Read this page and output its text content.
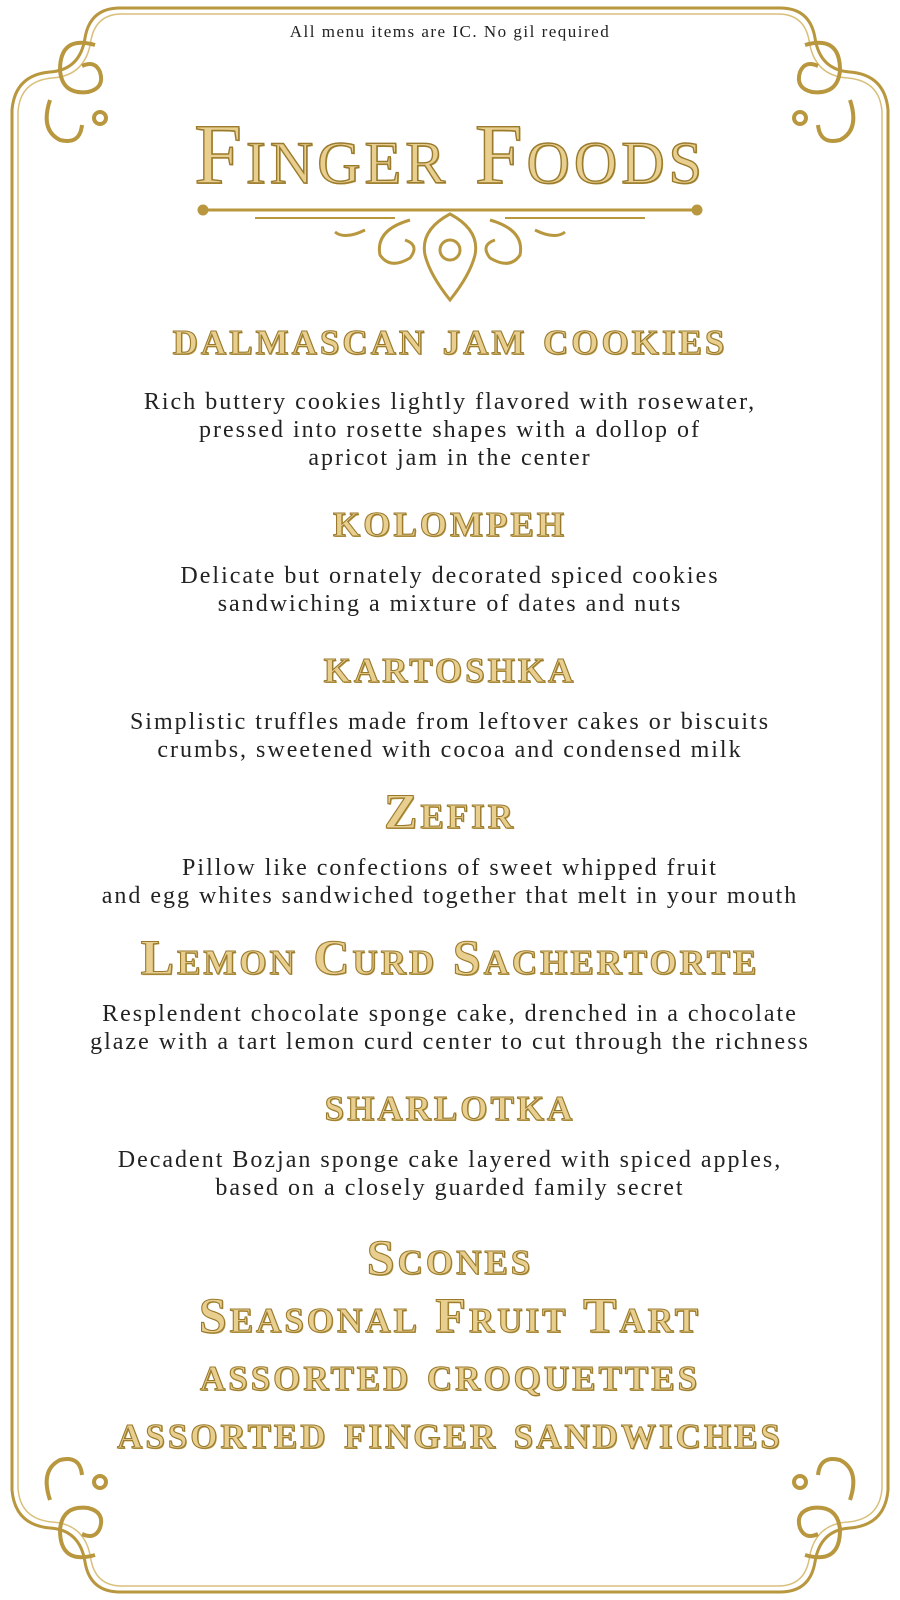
All menu items are IC. No gil required
Finger Foods
dalmascan jam cookies
Rich buttery cookies lightly flavored with rosewater,
pressed into rosette shapes with a dollop of
apricot jam in the center
kolompeh
Delicate but ornately decorated spiced cookies
sandwiching a mixture of dates and nuts
kartoshka
Simplistic truffles made from leftover cakes or biscuits
crumbs, sweetened with cocoa and condensed milk
Zefir
Pillow like confections of sweet whipped fruit
and egg whites sandwiched together that melt in your mouth
Lemon Curd Sachertorte
Resplendent chocolate sponge cake, drenched in a chocolate
glaze with a tart lemon curd center to cut through the richness
sharlotka
Decadent Bozjan sponge cake layered with spiced apples,
based on a closely guarded family secret
Scones
Seasonal Fruit Tart
assorted croquettes
assorted finger sandwiches
